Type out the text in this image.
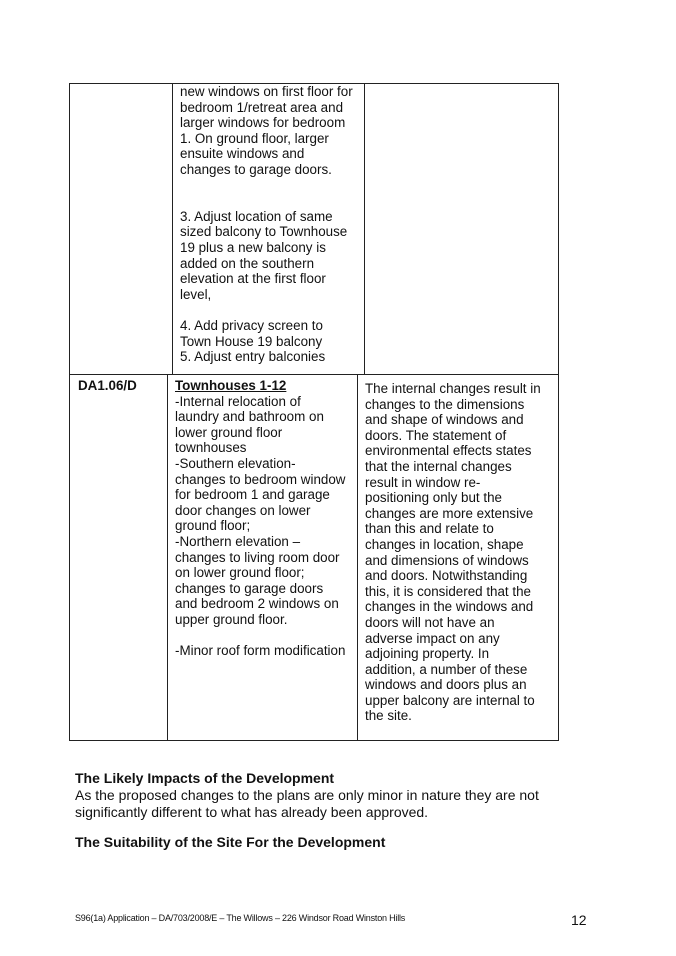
new windows on first floor for
bedroom 1/retreat area and
larger windows for bedroom
1. On ground floor, larger
ensuite windows and
changes to garage doors.
3. Adjust location of same
sized balcony to Townhouse
19 plus a new balcony is
added on the southern
elevation at the first floor
level,
4. Add privacy screen to
Town House 19 balcony
5. Adjust entry balconies
DA1.06/D	Townhouses 1-12
-Internal relocation of
laundry and bathroom on
lower ground floor
townhouses
-Southern elevation-
changes to bedroom window
for bedroom 1 and garage
door changes on lower
ground floor;
-Northern elevation –
changes to living room door
on lower ground floor;
changes to garage doors
and bedroom 2 windows on
upper ground floor.
-Minor roof form modification
The internal changes result in
changes to the dimensions
and shape of windows and
doors. The statement of
environmental effects states
that the internal changes
result in window re-
positioning only but the
changes are more extensive
than this and relate to
changes in location, shape
and dimensions of windows
and doors. Notwithstanding
this, it is considered that the
changes in the windows and
doors will not have an
adverse impact on any
adjoining property. In
addition, a number of these
windows and doors plus an
upper balcony are internal to
the site.
The Likely Impacts of the Development
As the proposed changes to the plans are only minor in nature they are not
significantly different to what has already been approved.
The Suitability of the Site For the Development
S96(1a) Application – DA/703/2008/E – The Willows – 226 Windsor Road Winston Hills	12
